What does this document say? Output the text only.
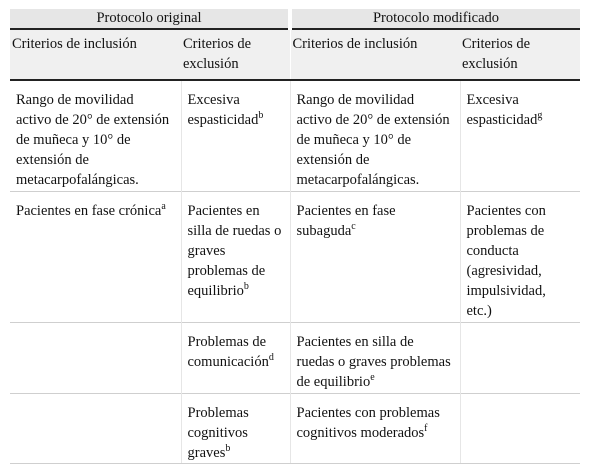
Protocolo original		Protocolo modificado	
Criterios de inclusión	Criterios de exclusión	Criterios de inclusión	Criterios de exclusión
Rango de movilidad activo de 20° de extensión de muñeca y 10° de extensión de metacarpofalángicas.	Excesiva espasticidad$^b$	Rango de movilidad activo de 20° de extensión de muñeca y 10° de extensión de metacarpofalángicas.	Excesiva espasticidad$^g$
Pacientes en fase crónica$^a$	Pacientes en silla de ruedas o graves problemas de equilibrio$^b$	Pacientes en fase subaguda$^c$	Pacientes con problemas de conducta (agresividad, impulsividad, etc.)
	Problemas de comunicación$^d$	Pacientes en silla de ruedas o graves problemas de equilibrio$^e$	
	Problemas cognitivos graves$^b$	Pacientes con problemas cognitivos moderados$^f$	
